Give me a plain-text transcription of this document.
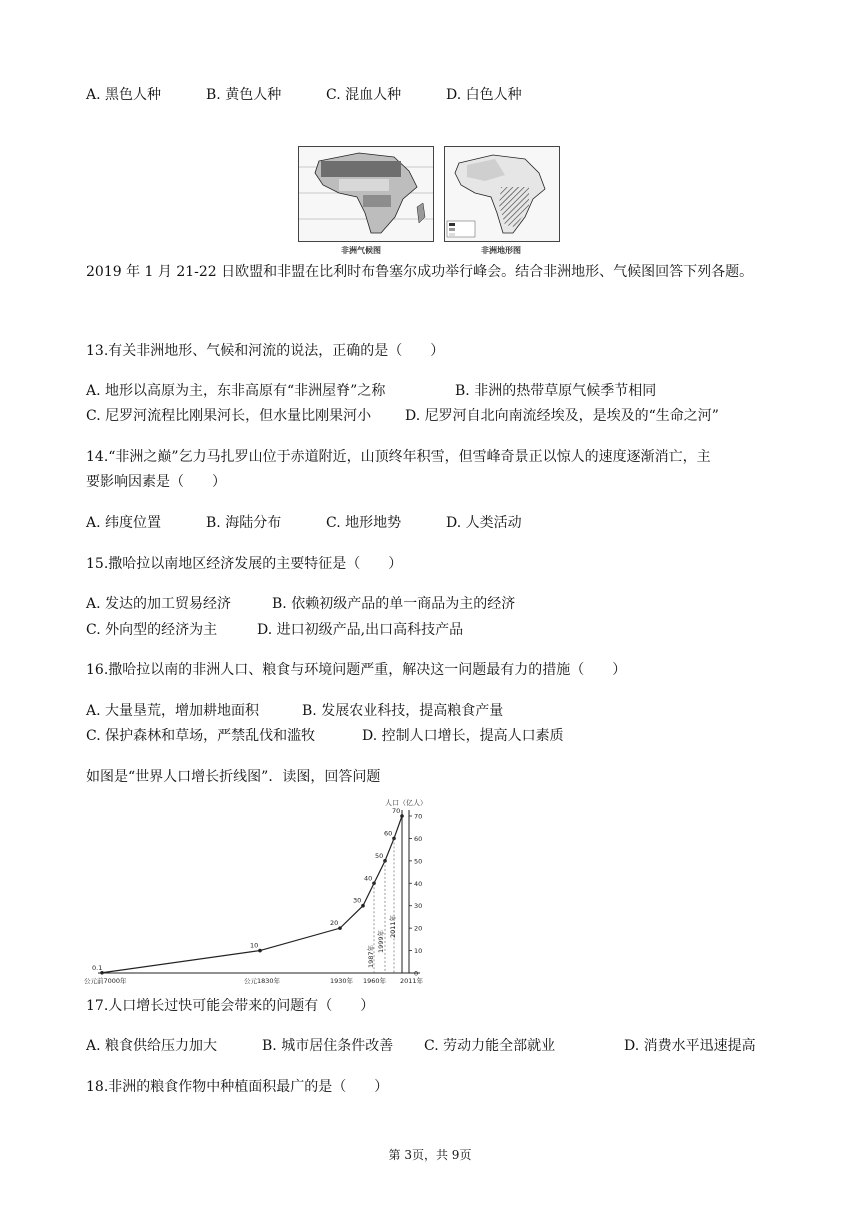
A. 黑色人种	B. 黄色人种	C. 混血人种	D. 白色人种
非洲气候图	非洲地形图
2019 年 1 月 21-22 日欧盟和非盟在比利时布鲁塞尔成功举行峰会。结合非洲地形、气候图回答下列各题。
13.有关非洲地形、气候和河流的说法，正确的是（　　）
A. 地形以高原为主，东非高原有“非洲屋脊”之称	B. 非洲的热带草原气候季节相同
C. 尼罗河流程比刚果河长，但水量比刚果河小 D. 尼罗河自北向南流经埃及，是埃及的“生命之河”
14.“非洲之巅”乞力马扎罗山位于赤道附近，山顶终年积雪，但雪峰奇景正以惊人的速度逐渐消亡，主
要影响因素是（　　）
A. 纬度位置	B. 海陆分布	C. 地形地势	D. 人类活动
15.撒哈拉以南地区经济发展的主要特征是（　　）
A. 发达的加工贸易经济	B. 依赖初级产品的单一商品为主的经济
C. 外向型的经济为主	D. 进口初级产品,出口高科技产品
16.撒哈拉以南的非洲人口、粮食与环境问题严重，解决这一问题最有力的措施（　　）
A. 大量垦荒，增加耕地面积	B. 发展农业科技，提高粮食产量
C. 保护森林和草场，严禁乱伐和滥牧	D. 控制人口增长，提高人口素质
如图是“世界人口增长折线图”．读图，回答问题
人口（亿人）
0
10
20
30
40
50
60
70
0.1
10
20
30
40
50
60
70
1987年
1999年
2011年
公元前7000年	公元1830年	1930年 1960年 2011年
17.人口增长过快可能会带来的问题有（　　）
A. 粮食供给压力加大	B. 城市居住条件改善 C. 劳动力能全部就业	D. 消费水平迅速提高
18.非洲的粮食作物中种植面积最广的是（　　）
第 3页，共 9页
